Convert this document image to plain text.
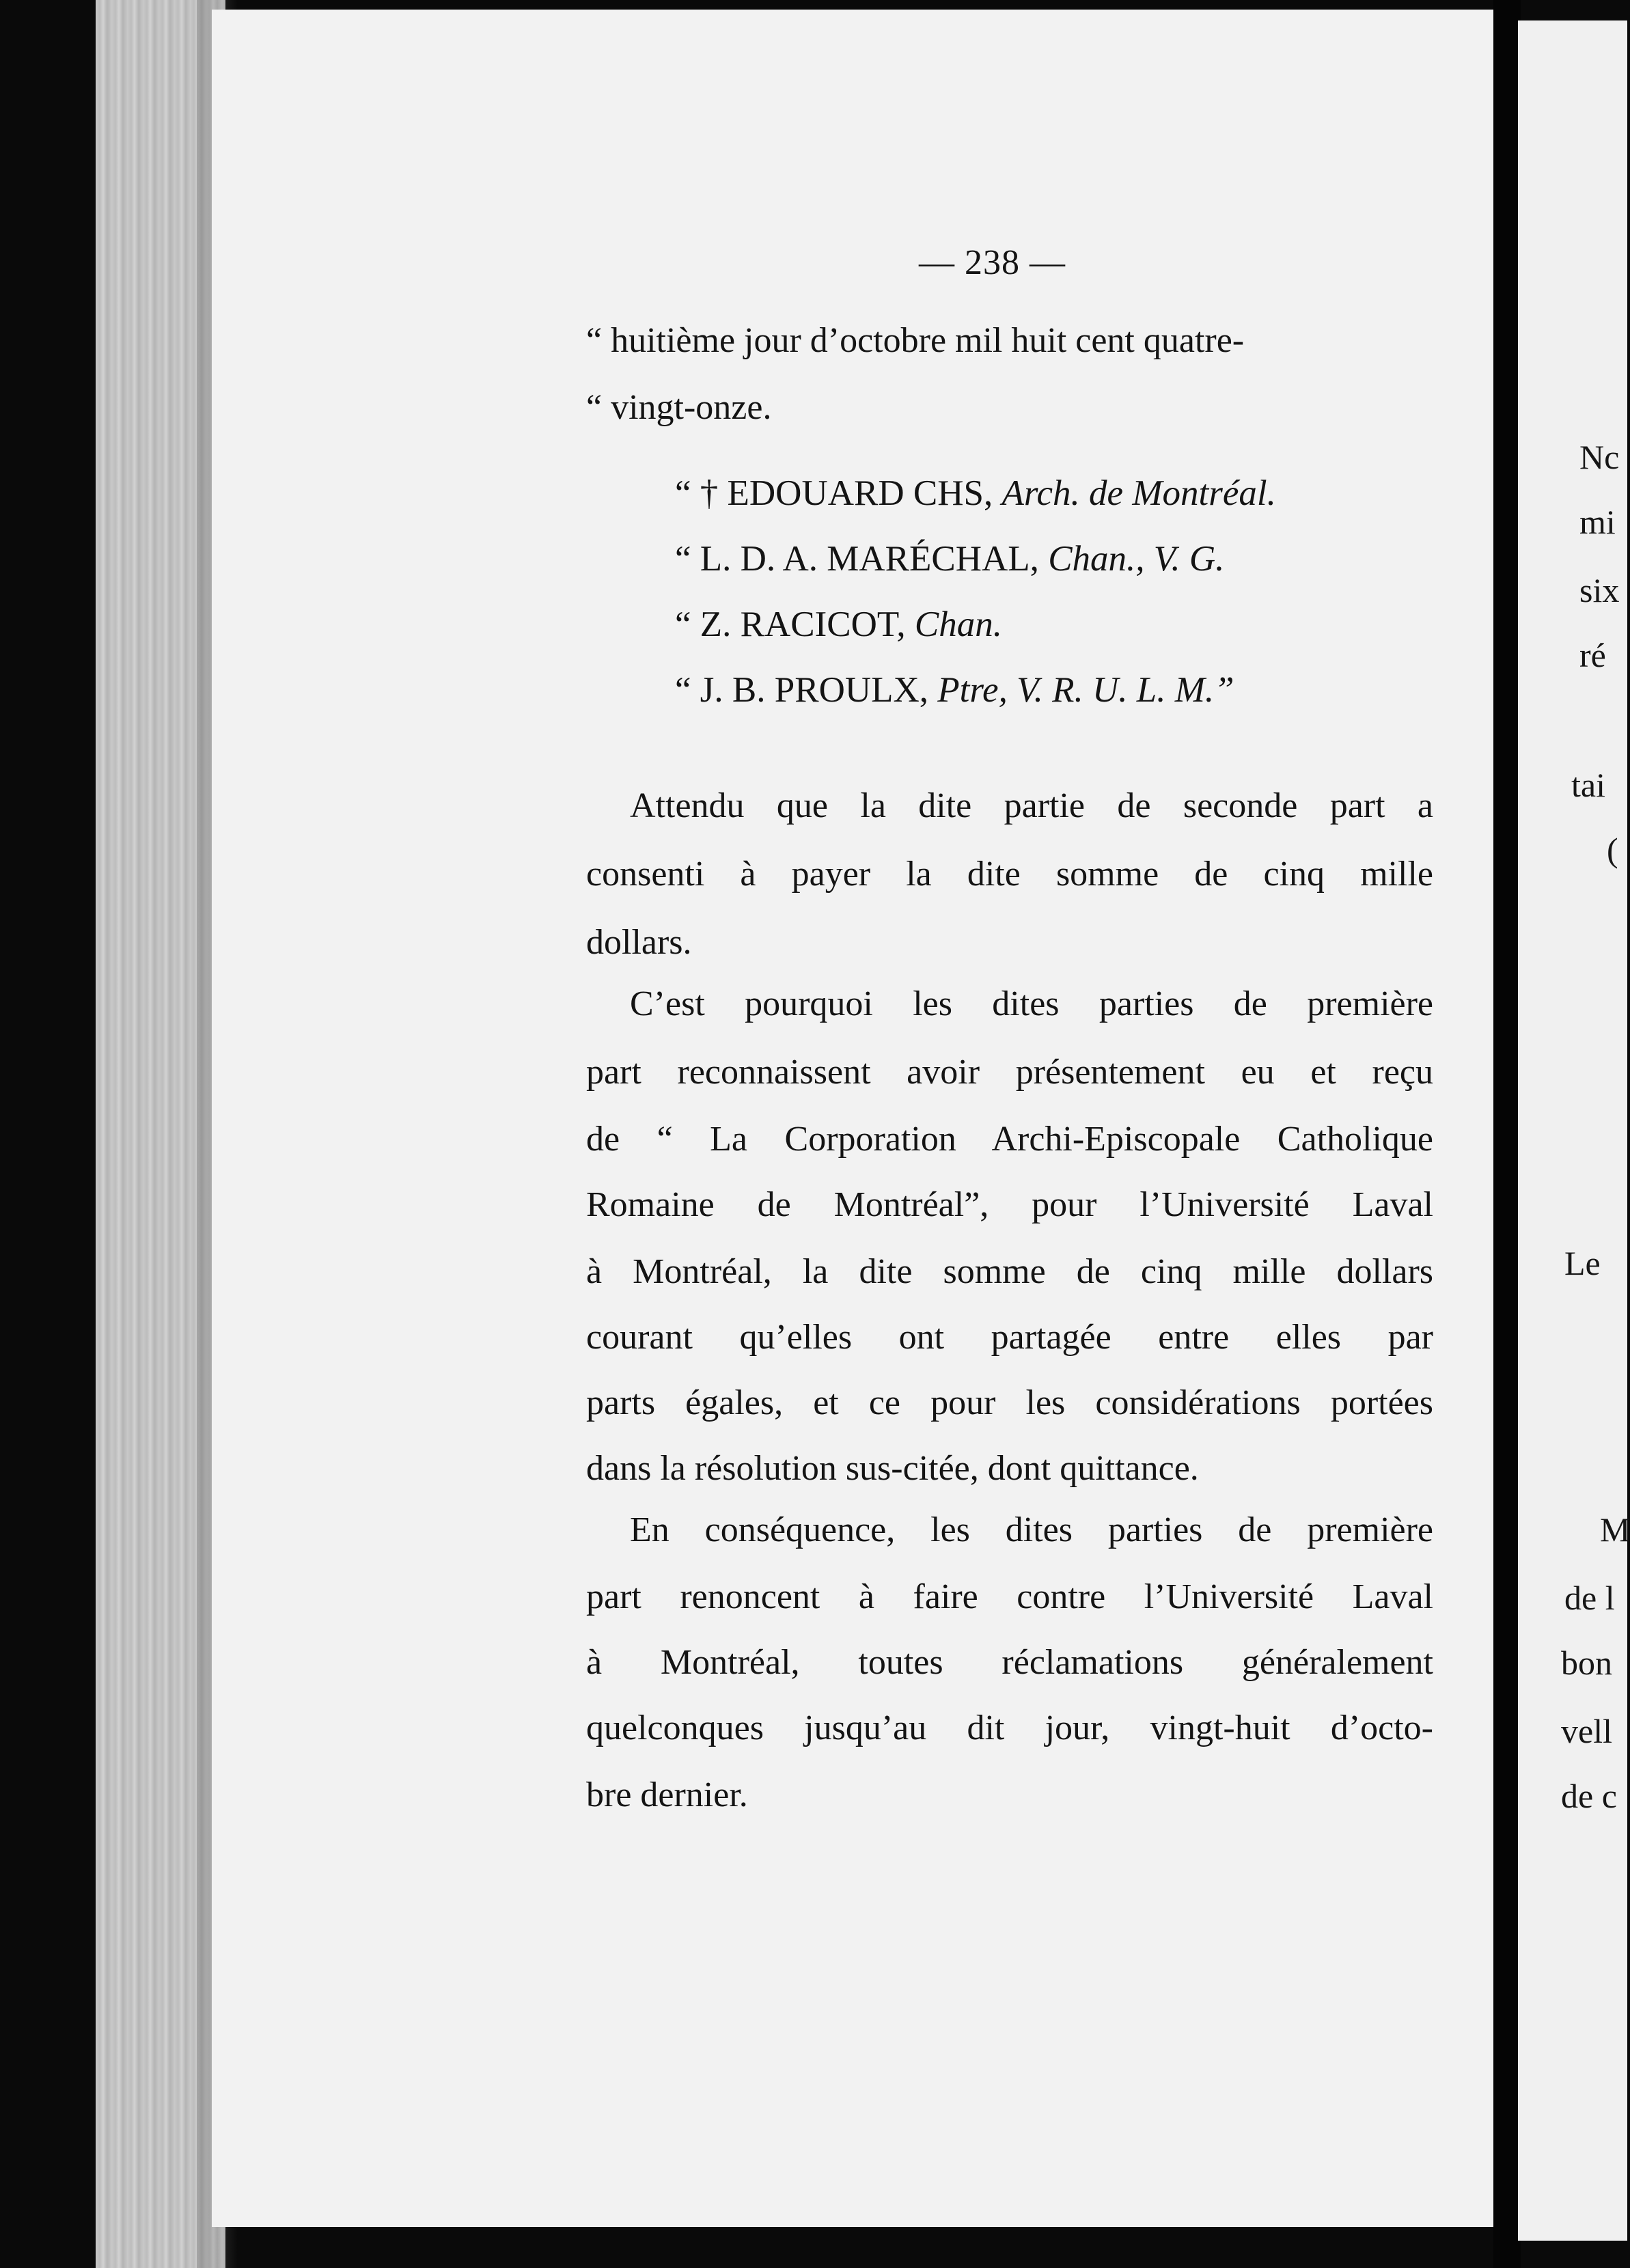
— 238 —

“ huitième jour d’octobre mil huit cent quatre-

“ vingt-onze.

“ † EDOUARD CHS, Arch. de Montréal.

“ L. D. A. MARÉCHAL, Chan., V. G.

“ Z. RACICOT, Chan.

“ J. B. PROULX, Ptre, V. R. U. L. M.”

Attendu que la dite partie de seconde part a

consenti à payer la dite somme de cinq mille

dollars.

C’est pourquoi les dites parties de première

part reconnaissent avoir présentement eu et reçu

de “ La Corporation Archi-Episcopale Catholique

Romaine de Montréal”, pour l’Université Laval

à Montréal, la dite somme de cinq mille dollars

courant qu’elles ont partagée entre elles par

parts égales, et ce pour les considérations portées

dans la résolution sus-citée, dont quittance.

En conséquence, les dites parties de première

part renoncent à faire contre l’Université Laval

à Montréal, toutes réclamations généralement

quelconques jusqu’au dit jour, vingt-huit d’octo-

bre dernier.

Nc

mi

six

ré

tai

(

Le

M

de l

bon

vell

de c
